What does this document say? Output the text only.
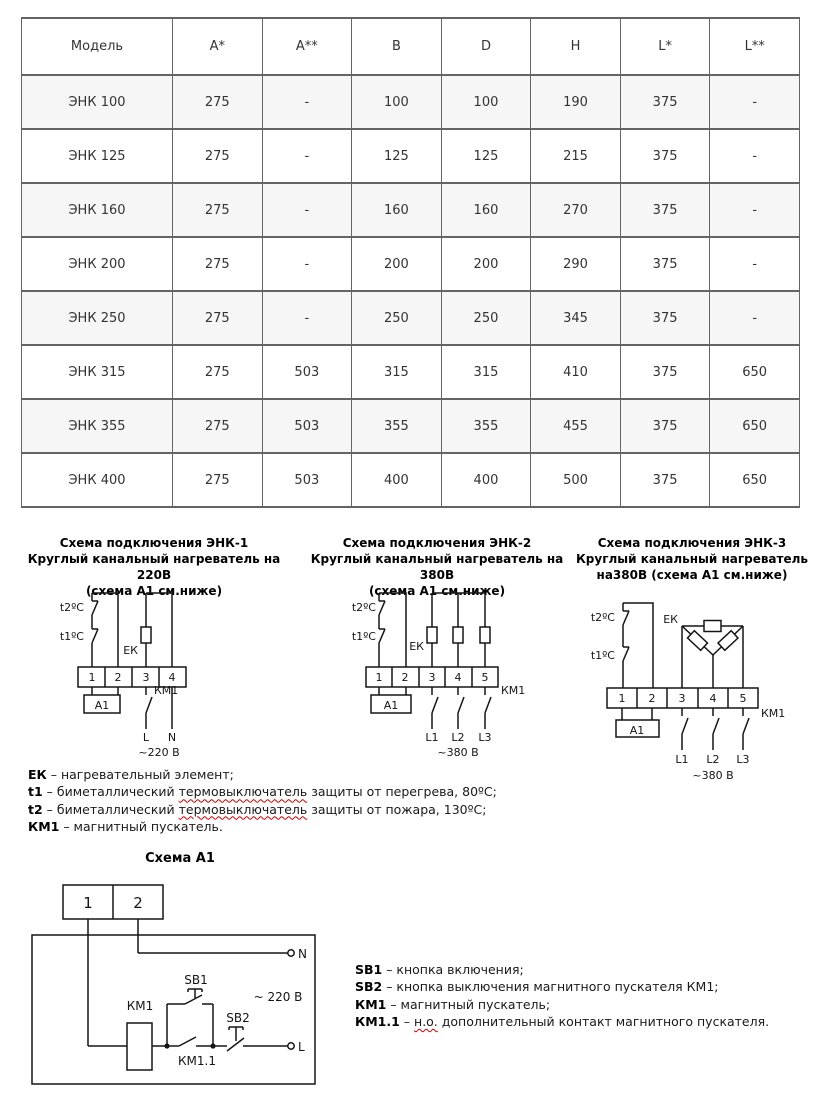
Модель	A*	A**	B	D	H	L*	L**
ЭНК 100	275	-	100	100	190	375	-
ЭНК 125	275	-	125	125	215	375	-
ЭНК 160	275	-	160	160	270	375	-
ЭНК 200	275	-	200	200	290	375	-
ЭНК 250	275	-	250	250	345	375	-
ЭНК 315	275	503	315	315	410	375	650
ЭНК 355	275	503	355	355	455	375	650
ЭНК 400	275	503	400	400	500	375	650
Схема подключения ЭНК-1
Круглый канальный нагреватель на 220В
(схема А1 см.ниже)
Схема подключения ЭНК-2
Круглый канальный нагреватель на 380В
(схема А1 см.ниже)
Схема подключения ЭНК-3
Круглый канальный нагреватель
на380В (схема А1 см.ниже)
t2ºC
t1ºC
ЕК
КМ1
А1
1 2 3 4
L N
~220 В
t2ºC
t1ºC
ЕК
КМ1
А1
1 2 3 4 5
L1 L2 L3
~380 В
t2ºC
t1ºC
ЕК
КМ1
А1
1 2 3 4 5
L1 L2 L3
~380 В
ЕК – нагревательный элемент;
t1 – биметаллический термовыключатель защиты от перегрева, 80ºС;
t2 – биметаллический термовыключатель защиты от пожара, 130ºС;
КМ1 – магнитный пускатель.
Схема А1
1	2
N
L
КМ1
КМ1.1
SB1
SB2
~ 220 В
SB1 – кнопка включения;
SB2 – кнопка выключения магнитного пускателя КМ1;
КМ1 – магнитный пускатель;
КМ1.1 – н.о. дополнительный контакт магнитного пускателя.
